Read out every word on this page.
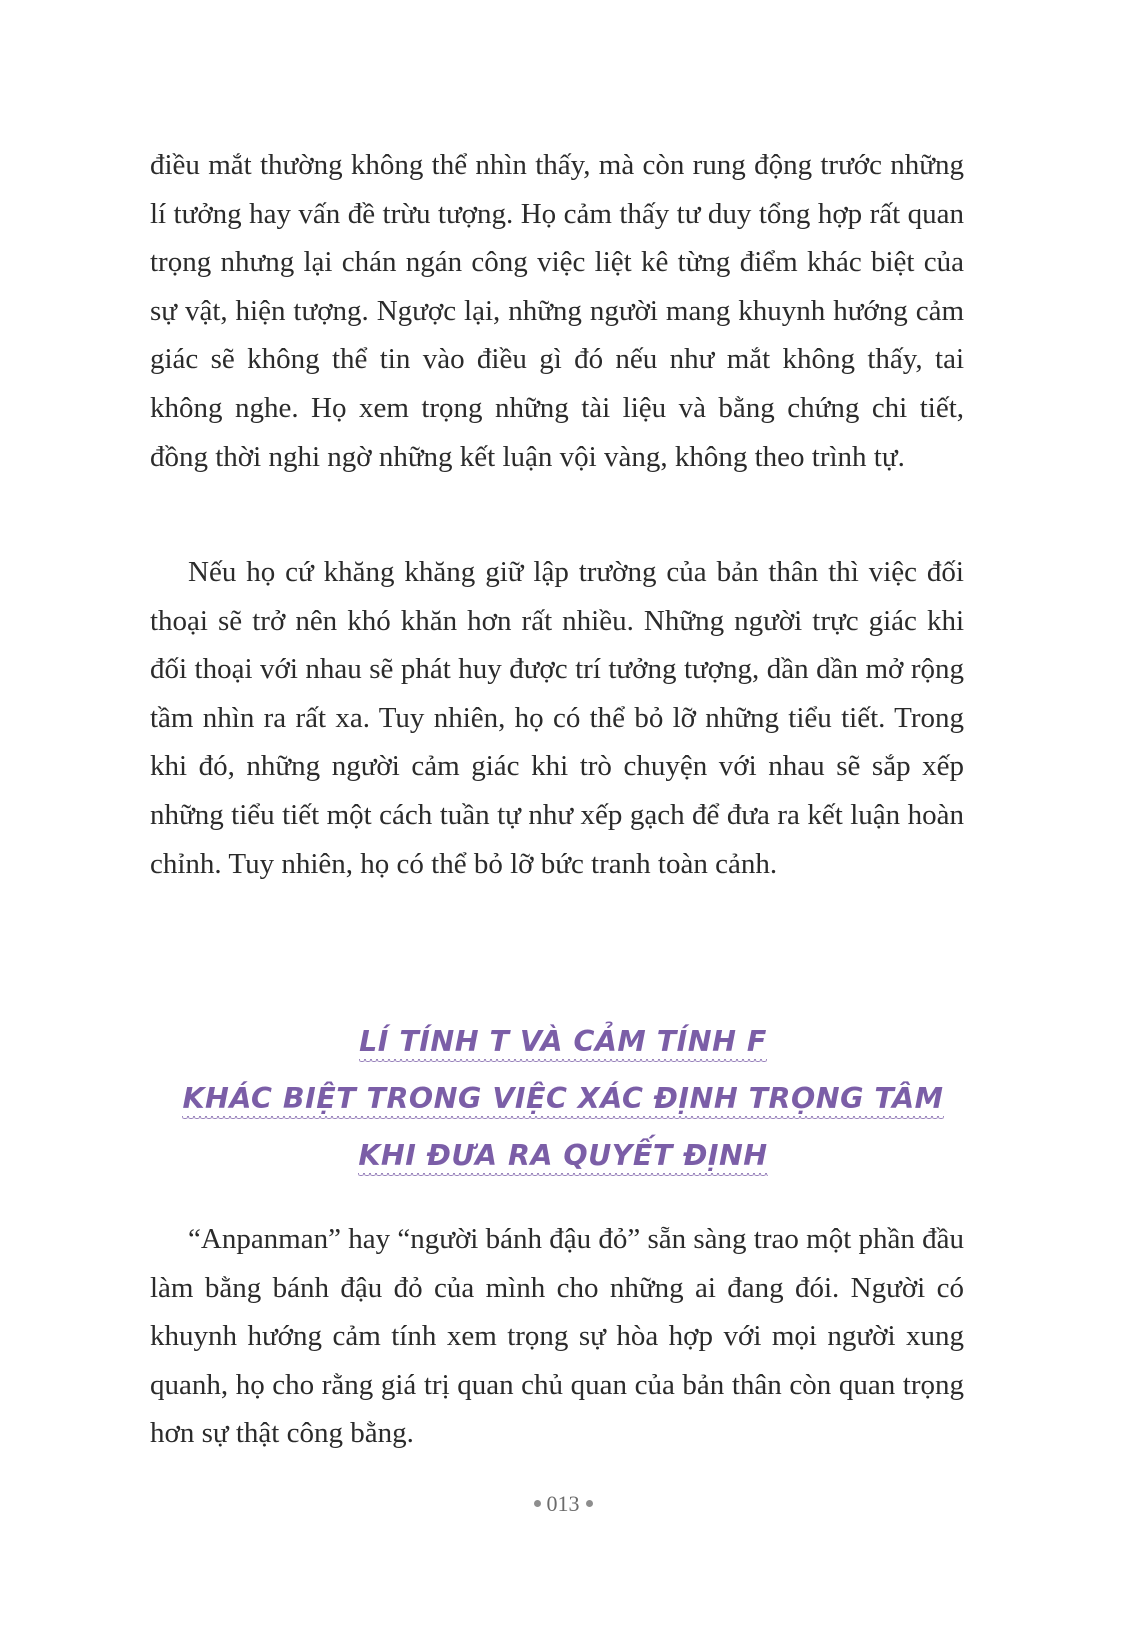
điều mắt thường không thể nhìn thấy, mà còn rung động trước những lí tưởng hay vấn đề trừu tượng. Họ cảm thấy tư duy tổng hợp rất quan trọng nhưng lại chán ngán công việc liệt kê từng điểm khác biệt của sự vật, hiện tượng. Ngược lại, những người mang khuynh hướng cảm giác sẽ không thể tin vào điều gì đó nếu như mắt không thấy, tai không nghe. Họ xem trọng những tài liệu và bằng chứng chi tiết, đồng thời nghi ngờ những kết luận vội vàng, không theo trình tự.

Nếu họ cứ khăng khăng giữ lập trường của bản thân thì việc đối thoại sẽ trở nên khó khăn hơn rất nhiều. Những người trực giác khi đối thoại với nhau sẽ phát huy được trí tưởng tượng, dần dần mở rộng tầm nhìn ra rất xa. Tuy nhiên, họ có thể bỏ lỡ những tiểu tiết. Trong khi đó, những người cảm giác khi trò chuyện với nhau sẽ sắp xếp những tiểu tiết một cách tuần tự như xếp gạch để đưa ra kết luận hoàn chỉnh. Tuy nhiên, họ có thể bỏ lỡ bức tranh toàn cảnh.

LÍ TÍNH T VÀ CẢM TÍNH F
KHÁC BIỆT TRONG VIỆC XÁC ĐỊNH TRỌNG TÂM
KHI ĐƯA RA QUYẾT ĐỊNH

“Anpanman” hay “người bánh đậu đỏ” sẵn sàng trao một phần đầu làm bằng bánh đậu đỏ của mình cho những ai đang đói. Người có khuynh hướng cảm tính xem trọng sự hòa hợp với mọi người xung quanh, họ cho rằng giá trị quan chủ quan của bản thân còn quan trọng hơn sự thật công bằng.

013
